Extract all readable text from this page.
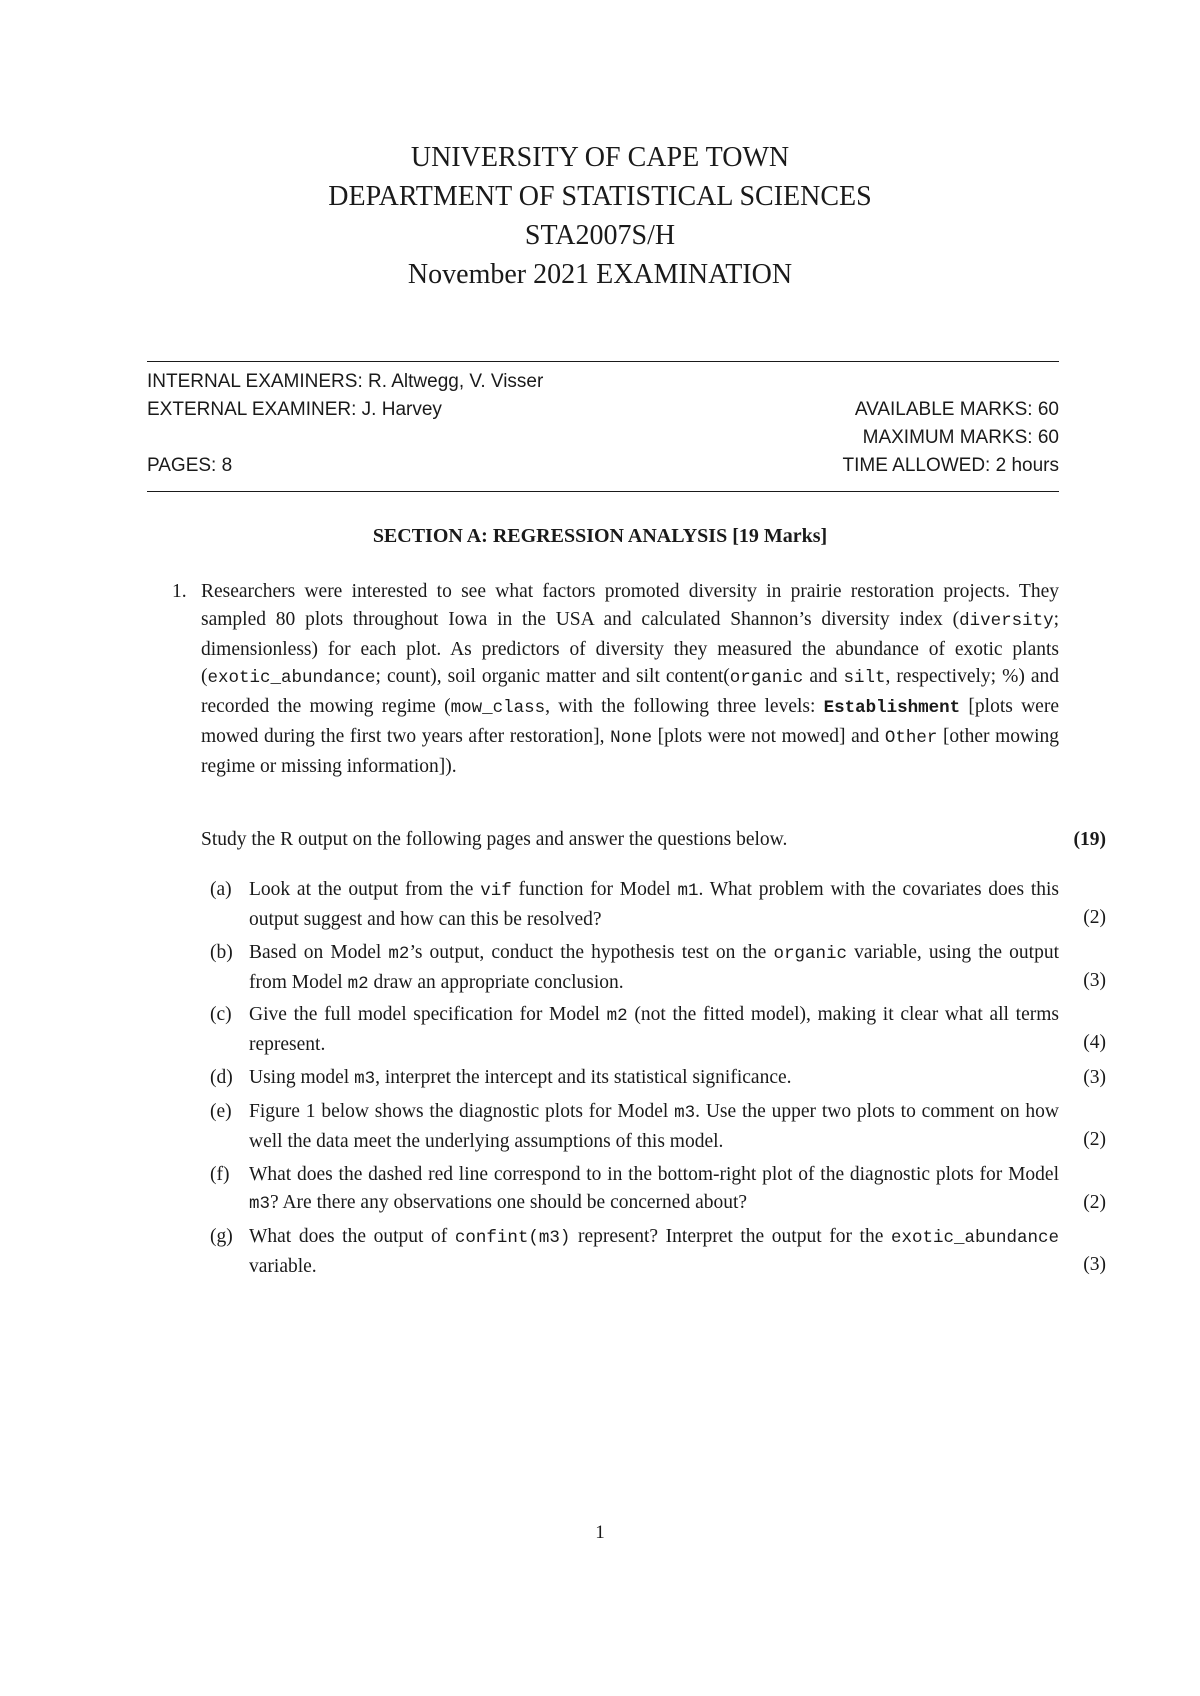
UNIVERSITY OF CAPE TOWN
DEPARTMENT OF STATISTICAL SCIENCES
STA2007S/H
November 2021 EXAMINATION
INTERNAL EXAMINERS: R. Altwegg, V. Visser
EXTERNAL EXAMINER: J. Harvey	AVAILABLE MARKS: 60
MAXIMUM MARKS: 60
PAGES: 8	TIME ALLOWED: 2 hours
SECTION A: REGRESSION ANALYSIS [19 Marks]
1. Researchers were interested to see what factors promoted diversity in prairie restoration projects. They sampled 80 plots throughout Iowa in the USA and calculated Shannon’s diversity index (diversity; dimensionless) for each plot. As predictors of diversity they measured the abundance of exotic plants (exotic_abundance; count), soil organic matter and silt content(organic and silt, respectively; %) and recorded the mowing regime (mow_class, with the following three levels: Establishment [plots were mowed during the first two years after restoration], None [plots were not mowed] and Other [other mowing regime or missing information]).
Study the R output on the following pages and answer the questions below.	(19)
(a) Look at the output from the vif function for Model m1. What problem with the covariates does this output suggest and how can this be resolved?	(2)
(b) Based on Model m2’s output, conduct the hypothesis test on the organic variable, using the output from Model m2 draw an appropriate conclusion.	(3)
(c) Give the full model specification for Model m2 (not the fitted model), making it clear what all terms represent.	(4)
(d) Using model m3, interpret the intercept and its statistical significance.	(3)
(e) Figure 1 below shows the diagnostic plots for Model m3. Use the upper two plots to comment on how well the data meet the underlying assumptions of this model.	(2)
(f) What does the dashed red line correspond to in the bottom-right plot of the diagnostic plots for Model m3? Are there any observations one should be concerned about?	(2)
(g) What does the output of confint(m3) represent? Interpret the output for the exotic_abundance variable.	(3)
1
